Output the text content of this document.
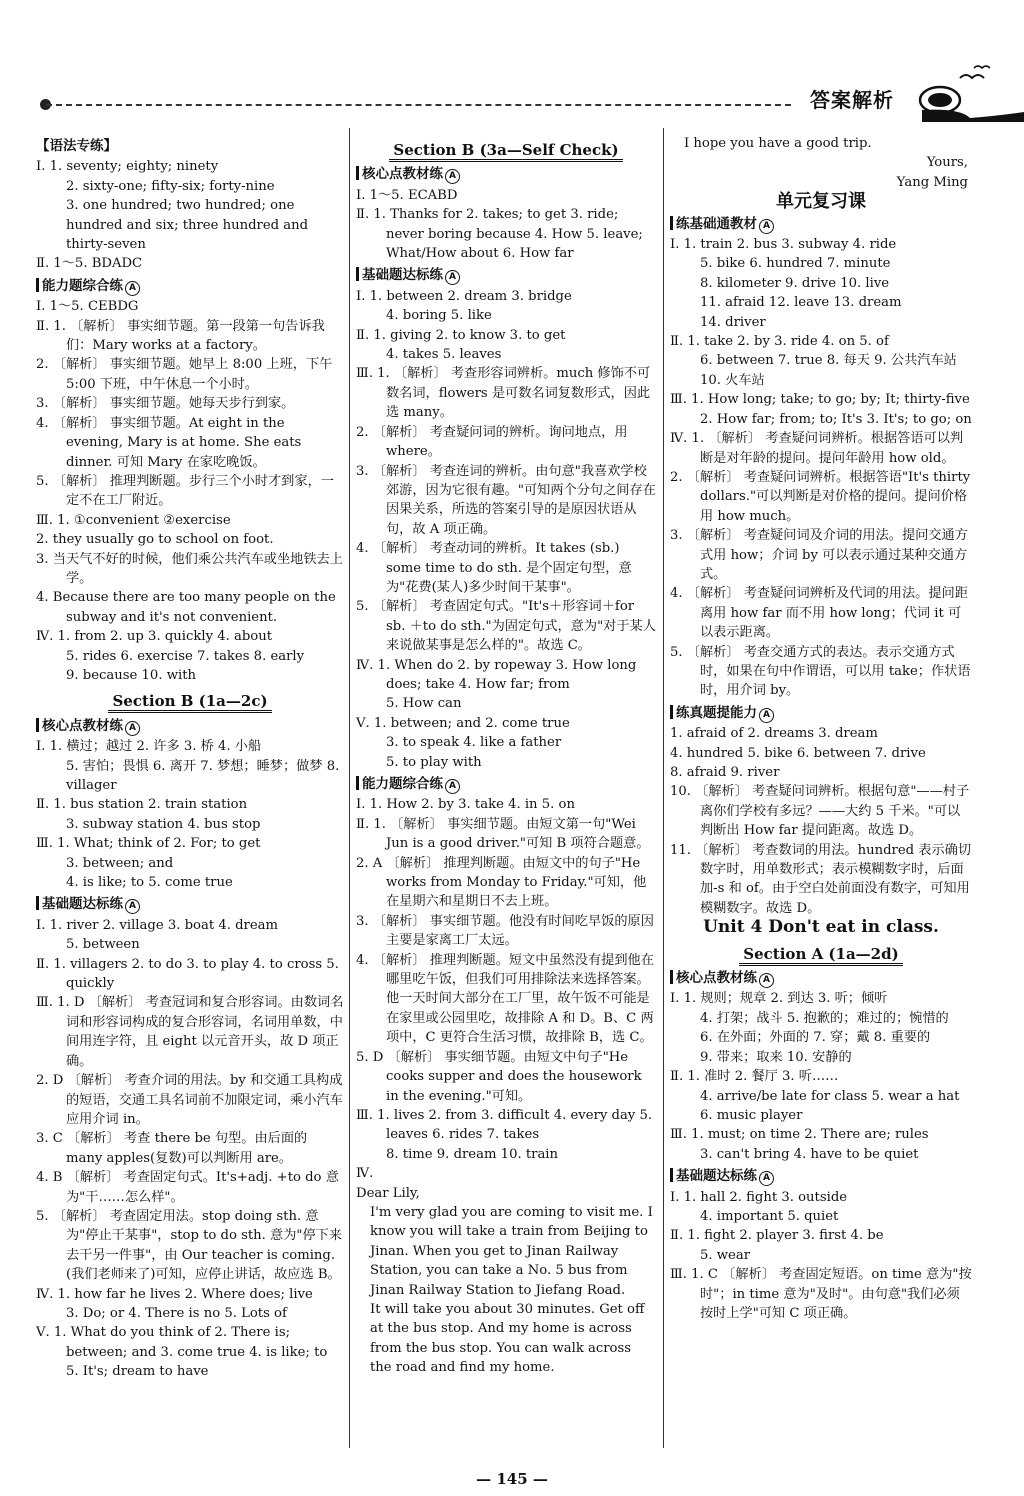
答案解析
【语法专练】

Ⅰ. 1. seventy; eighty; ninety

2. sixty-one; fifty-six; forty-nine

3. one hundred; two hundred; one hundred and six; three hundred and thirty-seven

Ⅱ. 1～5. BDADC

能力题综合练 A

Ⅰ. 1～5. CEBDG

Ⅱ. 1. 〔解析〕 事实细节题。第一段第一句告诉我们：Mary works at a factory。

2. 〔解析〕 事实细节题。她早上 8:00 上班，下午 5:00 下班，中午休息一个小时。

3. 〔解析〕 事实细节题。她每天步行到家。

4. 〔解析〕 事实细节题。At eight in the evening, Mary is at home. She eats dinner. 可知 Mary 在家吃晚饭。

5. 〔解析〕 推理判断题。步行三个小时才到家，一定不在工厂附近。

Ⅲ. 1. ①convenient ②exercise

2. they usually go to school on foot.

3. 当天气不好的时候，他们乘公共汽车或坐地铁去上学。

4. Because there are too many people on the subway and it's not convenient.

Ⅳ. 1. from 2. up 3. quickly 4. about

5. rides 6. exercise 7. takes 8. early

9. because 10. with

Section B (1a—2c)
核心点教材练 A

Ⅰ. 1. 横过；越过 2. 许多 3. 桥 4. 小船

5. 害怕；畏惧 6. 离开 7. 梦想；睡梦；做梦 8. villager

Ⅱ. 1. bus station 2. train station

3. subway station 4. bus stop

Ⅲ. 1. What; think of 2. For; to get

3. between; and

4. is like; to 5. come true

基础题达标练 A

Ⅰ. 1. river 2. village 3. boat 4. dream

5. between

Ⅱ. 1. villagers 2. to do 3. to play 4. to cross 5. quickly

Ⅲ. 1. D 〔解析〕 考查冠词和复合形容词。由数词名词和形容词构成的复合形容词，名词用单数，中间用连字符，且 eight 以元音开头，故 D 项正确。

2. D 〔解析〕 考查介词的用法。by 和交通工具构成的短语，交通工具名词前不加限定词，乘小汽车应用介词 in。

3. C 〔解析〕 考查 there be 句型。由后面的 many apples(复数)可以判断用 are。

4. B 〔解析〕 考查固定句式。It's+adj. +to do 意为"干……怎么样"。

5. 〔解析〕 考查固定用法。stop doing sth. 意为"停止干某事"，stop to do sth. 意为"停下来去干另一件事"，由 Our teacher is coming.(我们老师来了)可知，应停止讲话，故应选 B。

Ⅳ. 1. how far he lives 2. Where does; live

3. Do; or 4. There is no 5. Lots of

Ⅴ. 1. What do you think of 2. There is; between; and 3. come true 4. is like; to 5. It's; dream to have

Section B (3a—Self Check)
核心点教材练 A

Ⅰ. 1～5. ECABD

Ⅱ. 1. Thanks for 2. takes; to get 3. ride; never boring because 4. How 5. leave; What/How about 6. How far

基础题达标练 A

Ⅰ. 1. between 2. dream 3. bridge

4. boring 5. like

Ⅱ. 1. giving 2. to know 3. to get

4. takes 5. leaves

Ⅲ. 1. 〔解析〕 考查形容词辨析。much 修饰不可数名词，flowers 是可数名词复数形式，因此选 many。

2. 〔解析〕 考查疑问词的辨析。询问地点，用 where。

3. 〔解析〕 考查连词的辨析。由句意"我喜欢学校郊游，因为它很有趣。"可知两个分句之间存在因果关系，所选的答案引导的是原因状语从句，故 A 项正确。

4. 〔解析〕 考查动词的辨析。It takes (sb.) some time to do sth. 是个固定句型，意为"花费(某人)多少时间干某事"。

5. 〔解析〕 考查固定句式。"It's＋形容词＋for sb. ＋to do sth."为固定句式，意为"对于某人来说做某事是怎么样的"。故选 C。

Ⅳ. 1. When do 2. by ropeway 3. How long does; take 4. How far; from

5. How can

Ⅴ. 1. between; and 2. come true

3. to speak 4. like a father

5. to play with

能力题综合练 A

Ⅰ. 1. How 2. by 3. take 4. in 5. on

Ⅱ. 1. 〔解析〕 事实细节题。由短文第一句"Wei Jun is a good driver."可知 B 项符合题意。

2. A 〔解析〕 推理判断题。由短文中的句子"He works from Monday to Friday."可知，他在星期六和星期日不去上班。

3. 〔解析〕 事实细节题。他没有时间吃早饭的原因主要是家离工厂太远。

4. 〔解析〕 推理判断题。短文中虽然没有提到他在哪里吃午饭，但我们可用排除法来选择答案。他一天时间大部分在工厂里，故午饭不可能是在家里或公园里吃，故排除 A 和 D。B、C 两项中，C 更符合生活习惯，故排除 B，选 C。

5. D 〔解析〕 事实细节题。由短文中句子"He cooks supper and does the housework in the evening."可知。

Ⅲ. 1. lives 2. from 3. difficult 4. every day 5. leaves 6. rides 7. takes

8. time 9. dream 10. train

Ⅳ.

Dear Lily,

I'm very glad you are coming to visit me. I know you will take a train from Beijing to Jinan. When you get to Jinan Railway Station, you can take a No. 5 bus from Jinan Railway Station to Jiefang Road.

It will take you about 30 minutes. Get off at the bus stop. And my home is across from the bus stop. You can walk across the road and find my home.

I hope you have a good trip.

Yours,

Yang Ming

单元复习课

练基础通教材 A

Ⅰ. 1. train 2. bus 3. subway 4. ride

5. bike 6. hundred 7. minute

8. kilometer 9. drive 10. live

11. afraid 12. leave 13. dream

14. driver

Ⅱ. 1. take 2. by 3. ride 4. on 5. of

6. between 7. true 8. 每天 9. 公共汽车站 10. 火车站

Ⅲ. 1. How long; take; to go; by; It; thirty-five 2. How far; from; to; It's 3. It's; to go; on

Ⅳ. 1. 〔解析〕 考查疑问词辨析。根据答语可以判断是对年龄的提问。提问年龄用 how old。

2. 〔解析〕 考查疑问词辨析。根据答语"It's thirty dollars."可以判断是对价格的提问。提问价格用 how much。

3. 〔解析〕 考查疑问词及介词的用法。提问交通方式用 how；介词 by 可以表示通过某种交通方式。

4. 〔解析〕 考查疑问词辨析及代词的用法。提问距离用 how far 而不用 how long；代词 it 可以表示距离。

5. 〔解析〕 考查交通方式的表达。表示交通方式时，如果在句中作谓语，可以用 take；作状语时，用介词 by。

练真题提能力 A

1. afraid of 2. dreams 3. dream

4. hundred 5. bike 6. between 7. drive

8. afraid 9. river

10. 〔解析〕 考查疑问词辨析。根据句意"——村子离你们学校有多远？——大约 5 千米。"可以判断出 How far 提问距离。故选 D。

11. 〔解析〕 考查数词的用法。hundred 表示确切数字时，用单数形式；表示模糊数字时，后面加-s 和 of。由于空白处前面没有数字，可知用模糊数字。故选 D。

Unit 4 Don't eat in class.

Section A (1a—2d)
核心点教材练 A

Ⅰ. 1. 规则；规章 2. 到达 3. 听；倾听

4. 打架；战斗 5. 抱歉的；难过的；惋惜的

6. 在外面；外面的 7. 穿；戴 8. 重要的

9. 带来；取来 10. 安静的

Ⅱ. 1. 准时 2. 餐厅 3. 听……

4. arrive/be late for class 5. wear a hat

6. music player

Ⅲ. 1. must; on time 2. There are; rules

3. can't bring 4. have to be quiet

基础题达标练 A

Ⅰ. 1. hall 2. fight 3. outside

4. important 5. quiet

Ⅱ. 1. fight 2. player 3. first 4. be

5. wear

Ⅲ. 1. C 〔解析〕 考查固定短语。on time 意为"按时"；in time 意为"及时"。由句意"我们必须按时上学"可知 C 项正确。

— 145 —
